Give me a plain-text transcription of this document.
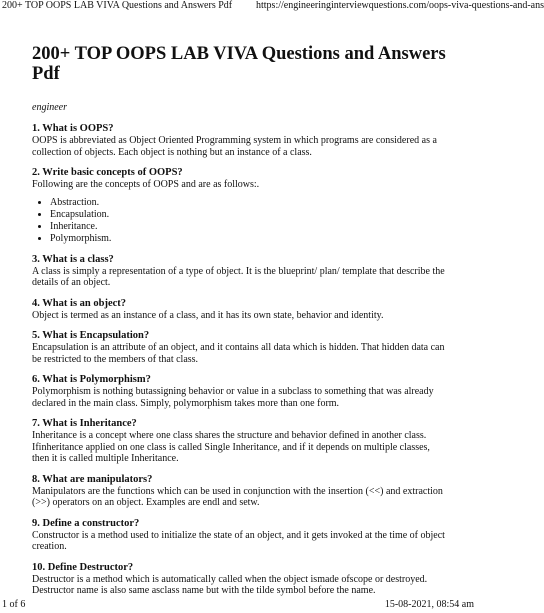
200+ TOP OOPS LAB VIVA Questions and Answers Pdf https://engineeringinterviewquestions.com/oops-viva-questions-and-ans
200+ TOP OOPS LAB VIVA Questions and Answers Pdf

engineer

1. What is OOPS?

OOPS is abbreviated as Object Oriented Programming system in which programs are considered as a collection of objects. Each object is nothing but an instance of a class.

2. Write basic concepts of OOPS?

Following are the concepts of OOPS and are as follows:.

• Abstraction.
• Encapsulation.
• Inheritance.
• Polymorphism.

3. What is a class?

A class is simply a representation of a type of object. It is the blueprint/ plan/ template that describe the details of an object.

4. What is an object?

Object is termed as an instance of a class, and it has its own state, behavior and identity.

5. What is Encapsulation?

Encapsulation is an attribute of an object, and it contains all data which is hidden. That hidden data can be restricted to the members of that class.

6. What is Polymorphism?

Polymorphism is nothing butassigning behavior or value in a subclass to something that was already declared in the main class. Simply, polymorphism takes more than one form.

7. What is Inheritance?

Inheritance is a concept where one class shares the structure and behavior defined in another class. Ifinheritance applied on one class is called Single Inheritance, and if it depends on multiple classes, then it is called multiple Inheritance.

8. What are manipulators?

Manipulators are the functions which can be used in conjunction with the insertion (<<) and extraction (>>) operators on an object. Examples are endl and setw.

9. Define a constructor?

Constructor is a method used to initialize the state of an object, and it gets invoked at the time of object creation.

10. Define Destructor?

Destructor is a method which is automatically called when the object ismade ofscope or destroyed. Destructor name is also same asclass name but with the tilde symbol before the name.

1 of 6	15-08-2021, 08:54 am
